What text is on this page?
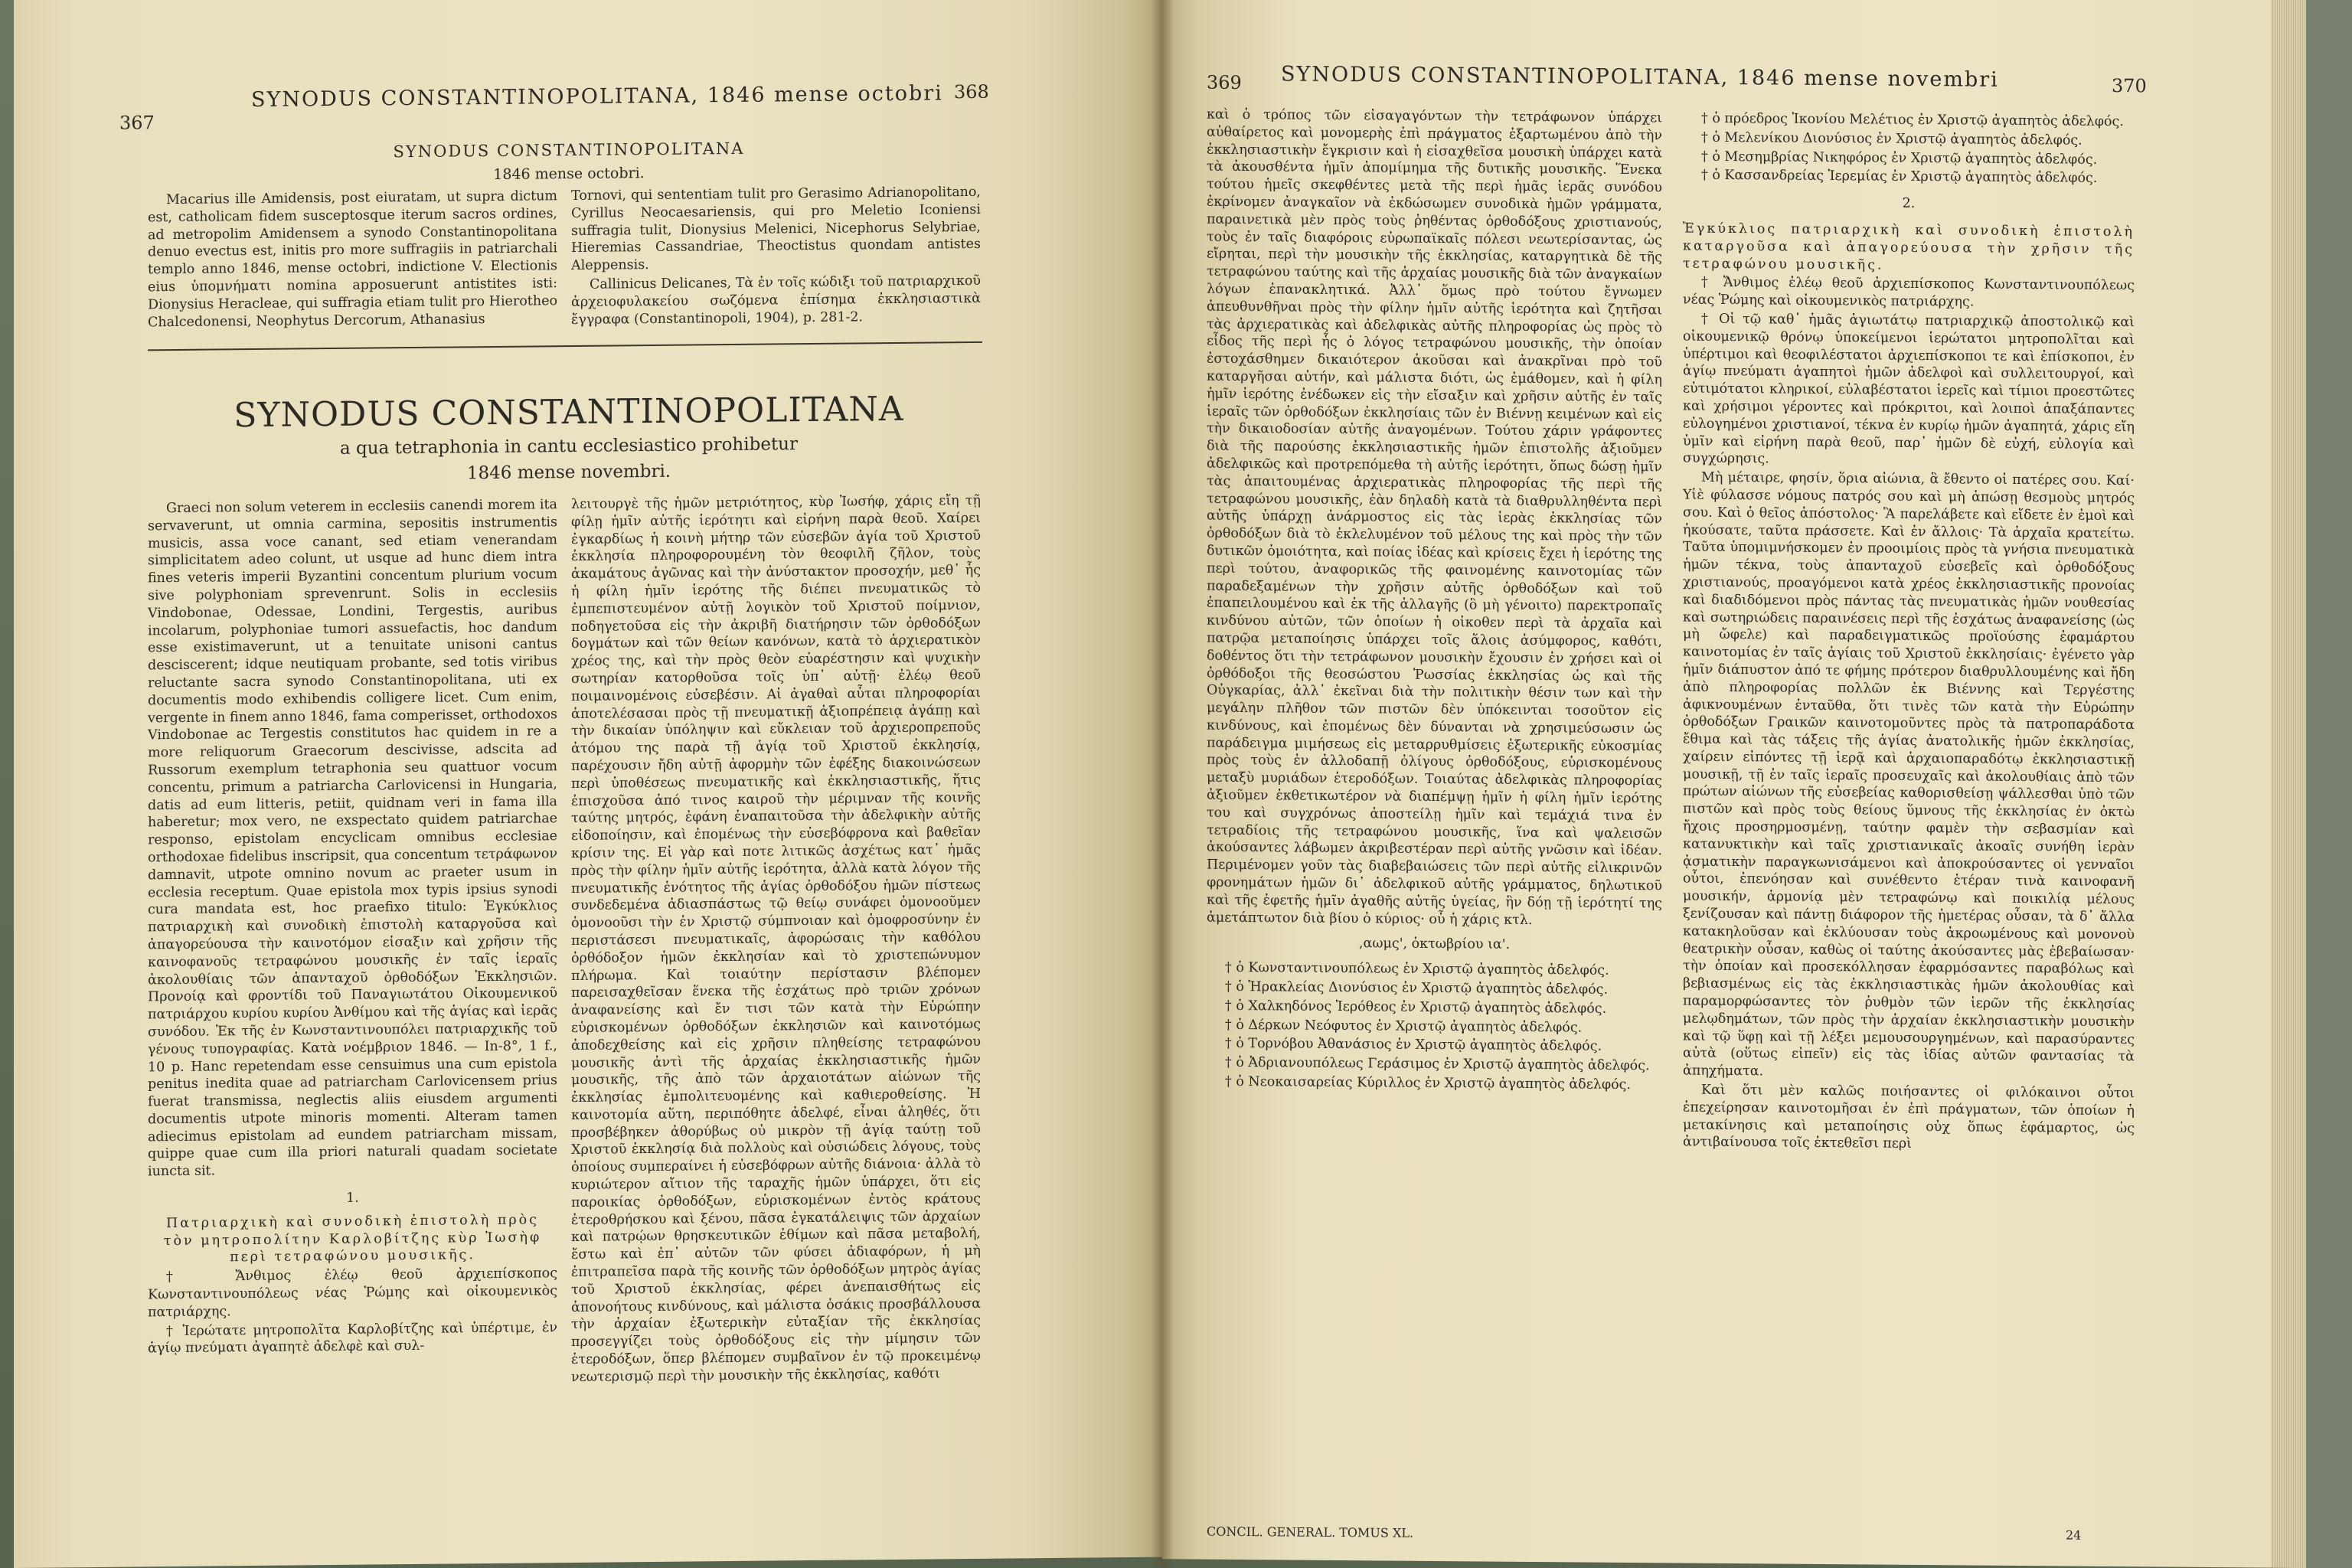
367
SYNODUS CONSTANTINOPOLITANA, 1846 mense octobri 368
SYNODUS CONSTANTINOPOLITANA
1846 mense octobri.

Macarius ille Amidensis, post eiuratam, ut supra dictum est, catholicam fidem susceptosque iterum sacros ordines, ad metropolim Amidensem a synodo Constantinopolitana denuo evectus est, initis pro more suffragiis in patriarchali templo anno 1846, mense octobri, indictione V. Electionis eius ὑπομνήματι nomina apposuerunt antistites isti: Dionysius Heracleae, qui suffragia etiam tulit pro Hierotheo Chalcedonensi, Neophytus Dercorum, Athanasius

Tornovi, qui sententiam tulit pro Gerasimo Adrianopolitano, Cyrillus Neocaesariensis, qui pro Meletio Iconiensi suffragia tulit, Dionysius Melenici, Nicephorus Selybriae, Hieremias Cassandriae, Theoctistus quondam antistes Aleppensis.

Callinicus Delicanes, Τὰ ἐν τοῖς κώδιξι τοῦ πατριαρχικοῦ ἀρχειοφυλακείου σωζόμενα ἐπίσημα ἐκκλησιαστικὰ ἔγγραφα (Constantinopoli, 1904), p. 281-2.

SYNODUS CONSTANTINOPOLITANA
a qua tetraphonia in cantu ecclesiastico prohibetur
1846 mense novembri.

Graeci non solum veterem in ecclesiis canendi morem ita servaverunt, ut omnia carmina, sepositis instrumentis musicis, assa voce canant, sed etiam venerandam simplicitatem adeo colunt, ut usque ad hunc diem intra fines veteris imperii Byzantini concentum plurium vocum sive polyphoniam sprevenrunt. Solis in ecclesiis Vindobonae, Odessae, Londini, Tergestis, auribus incolarum, polyphoniae tumori assuefactis, hoc dandum esse existimaverunt, ut a tenuitate unisoni cantus desciscerent; idque neutiquam probante, sed totis viribus reluctante sacra synodo Constantinopolitana, uti ex documentis modo exhibendis colligere licet. Cum enim, vergente in finem anno 1846, fama comperisset, orthodoxos Vindobonae ac Tergestis constitutos hac quidem in re a more reliquorum Graecorum descivisse, adscita ad Russorum exemplum tetraphonia seu quattuor vocum concentu, primum a patriarcha Carlovicensi in Hungaria, datis ad eum litteris, petiit, quidnam veri in fama illa haberetur; mox vero, ne exspectato quidem patriarchae responso, epistolam encyclicam omnibus ecclesiae orthodoxae fidelibus inscripsit, qua concentum τετράφωνον damnavit, utpote omnino novum ac praeter usum in ecclesia receptum. Quae epistola mox typis ipsius synodi cura mandata est, hoc praefixo titulo: Ἐγκύκλιος πατριαρχικὴ καὶ συνοδικὴ ἐπιστολὴ καταργοῦσα καὶ ἀπαγορεύουσα τὴν καινοτόμον εἰσαξιν καὶ χρῆσιν τῆς καινοφανοῦς τετραφώνου μουσικῆς ἐν ταῖς ἱεραῖς ἀκολουθίαις τῶν ἁπανταχοῦ ὀρθοδόξων Ἐκκλησιῶν. Προνοίᾳ καὶ φροντίδι τοῦ Παναγιωτάτου Οἰκουμενικοῦ πατριάρχου κυρίου κυρίου Ἀνθίμου καὶ τῆς ἁγίας καὶ ἱερᾶς συνόδου. Ἐκ τῆς ἐν Κωνσταντινουπόλει πατριαρχικῆς τοῦ γένους τυπογραφίας. Κατὰ νοέμβριον 1846. — In-8°, 1 f., 10 p. Hanc repetendam esse censuimus una cum epistola penitus inedita quae ad patriarcham Carlovicensem prius fuerat transmissa, neglectis aliis eiusdem argumenti documentis utpote minoris momenti. Alteram tamen adiecimus epistolam ad eundem patriarcham missam, quippe quae cum illa priori naturali quadam societate iuncta sit.

1.

Πατριαρχικὴ καὶ συνοδικὴ ἐπιστολὴ πρὸς τὸν μητροπολίτην Καρλοβίτζης κὺρ Ἰωσὴφ περὶ τετραφώνου μουσικῆς.

† Ἄνθιμος ἐλέῳ θεοῦ ἀρχιεπίσκοπος Κωνσταντινουπόλεως νέας Ῥώμης καὶ οἰκουμενικὸς πατριάρχης.

† Ἱερώτατε μητροπολῖτα Καρλοβίτζης καὶ ὑπέρτιμε, ἐν ἁγίῳ πνεύματι ἀγαπητὲ ἀδελφὲ καὶ συλ-

λειτουργὲ τῆς ἡμῶν μετριότητος, κὺρ Ἰωσήφ, χάρις εἴη τῇ φίλῃ ἡμῖν αὐτῆς ἱερότητι καὶ εἰρήνη παρὰ θεοῦ. Χαίρει ἐγκαρδίως ἡ κοινὴ μήτηρ τῶν εὐσεβῶν ἁγία τοῦ Χριστοῦ ἐκκλησία πληροφορουμένη τὸν θεοφιλῆ ζῆλον, τοὺς ἀκαμάτους ἀγῶνας καὶ τὴν ἀνύστακτον προσοχήν, μεθ᾽ ἧς ἡ φίλη ἡμῖν ἱερότης τῆς διέπει πνευματικῶς τὸ ἐμπεπιστευμένον αὐτῇ λογικὸν τοῦ Χριστοῦ ποίμνιον, ποδηγετοῦσα εἰς τὴν ἀκριβῆ διατήρησιν τῶν ὀρθοδόξων δογμάτων καὶ τῶν θείων κανόνων, κατὰ τὸ ἀρχιερατικὸν χρέος της, καὶ τὴν πρὸς θεὸν εὐαρέστησιν καὶ ψυχικὴν σωτηρίαν κατορθοῦσα τοῖς ὑπ᾽ αὐτῇ· ἐλέῳ θεοῦ ποιμαινομένοις εὐσεβέσιν. Αἱ ἀγαθαὶ αὗται πληροφορίαι ἀποτελέσασαι πρὸς τῇ πνευματικῇ ἀξιοπρέπειᾳ ἀγάπῃ καὶ τὴν δικαίαν ὑπόληψιν καὶ εὔκλειαν τοῦ ἀρχιεροπρεποῦς ἀτόμου της παρὰ τῇ ἁγίᾳ τοῦ Χριστοῦ ἐκκλησίᾳ, παρέχουσιν ἤδη αὐτῇ ἀφορμὴν τῶν ἐφέξης διακοινώσεων περὶ ὑποθέσεως πνευματικῆς καὶ ἐκκλησιαστικῆς, ἥτις ἐπισχοῦσα ἀπό τινος καιροῦ τὴν μέριμναν τῆς κοινῆς ταύτης μητρός, ἐφάνη ἐναπαιτοῦσα τὴν ἀδελφικὴν αὐτῆς εἰδοποίησιν, καὶ ἐπομένως τὴν εὐσεβόφρονα καὶ βαθεῖαν κρίσιν της. Εἰ γὰρ καὶ ποτε λιτικῶς ἀσχέτως κατ᾽ ἡμᾶς πρὸς τὴν φίλην ἡμῖν αὐτῆς ἱερότητα, ἀλλὰ κατὰ λόγον τῆς πνευματικῆς ἑνότητος τῆς ἁγίας ὀρθοδόξου ἡμῶν πίστεως συνδεδεμένα ἀδιασπάστως τῷ θείῳ συνάφει ὁμονοοῦμεν ὁμονοοῦσι τὴν ἐν Χριστῷ σύμπνοιαν καὶ ὁμοφροσύνην ἐν περιστάσεσι πνευματικαῖς, ἀφορώσαις τὴν καθόλου ὀρθόδοξον ἡμῶν ἐκκλησίαν καὶ τὸ χριστεπώνυμον πλήρωμα. Καὶ τοιαύτην περίστασιν βλέπομεν παρεισαχθεῖσαν ἕνεκα τῆς ἐσχάτως πρὸ τριῶν χρόνων ἀναφανείσης καὶ ἔν τισι τῶν κατὰ τὴν Εὐρώπην εὑρισκομένων ὀρθοδόξων ἐκκλησιῶν καὶ καινοτόμως ἀποδεχθείσης καὶ εἰς χρῆσιν πληθείσης τετραφώνου μουσικῆς ἀντὶ τῆς ἀρχαίας ἐκκλησιαστικῆς ἡμῶν μουσικῆς, τῆς ἀπὸ τῶν ἀρχαιοτάτων αἰώνων τῆς ἐκκλησίας ἐμπολιτευομένης καὶ καθιεροθείσης. Ἡ καινοτομία αὕτη, περιπόθητε ἀδελφέ, εἶναι ἀληθές, ὅτι προσβέβηκεν ἀθορύβως οὐ μικρὸν τῇ ἁγίᾳ ταύτῃ τοῦ Χριστοῦ ἐκκλησίᾳ διὰ πολλοὺς καὶ οὐσιώδεις λόγους, τοὺς ὁποίους συμπεραίνει ἡ εὐσεβόφρων αὐτῆς διάνοια· ἀλλὰ τὸ κυριώτερον αἴτιον τῆς ταραχῆς ἡμῶν ὑπάρχει, ὅτι εἰς παροικίας ὀρθοδόξων, εὑρισκομένων ἐντὸς κράτους ἑτεροθρήσκου καὶ ξένου, πᾶσα ἐγκατάλειψις τῶν ἀρχαίων καὶ πατρῴων θρησκευτικῶν ἐθίμων καὶ πᾶσα μεταβολή, ἔστω καὶ ἐπ᾽ αὐτῶν τῶν φύσει ἀδιαφόρων, ἡ μὴ ἐπιτραπεῖσα παρὰ τῆς κοινῆς τῶν ὀρθοδόξων μητρὸς ἁγίας τοῦ Χριστοῦ ἐκκλησίας, φέρει ἀνεπαισθήτως εἰς ἀπονοήτους κινδύνους, καὶ μάλιστα ὁσάκις προσβάλλουσα τὴν ἀρχαίαν ἐξωτερικὴν εὐταξίαν τῆς ἐκκλησίας προσεγγίζει τοὺς ὀρθοδόξους εἰς τὴν μίμησιν τῶν ἑτεροδόξων, ὅπερ βλέπομεν συμβαῖνον ἐν τῷ προκειμένῳ νεωτερισμῷ περὶ τὴν μουσικὴν τῆς ἐκκλησίας, καθότι

369 SYNODUS CONSTANTINOPOLITANA, 1846 mense novembri	370

καὶ ὁ τρόπος τῶν εἰσαγαγόντων τὴν τετράφωνον ὑπάρχει αὐθαίρετος καὶ μονομερὴς ἐπὶ πράγματος ἐξαρτωμένου ἀπὸ τὴν ἐκκλησιαστικὴν ἔγκρισιν καὶ ἡ εἰσαχθεῖσα μουσικὴ ὑπάρχει κατὰ τὰ ἀκουσθέντα ἡμῖν ἀπομίμημα τῆς δυτικῆς μουσικῆς. Ἕνεκα τούτου ἡμεῖς σκεφθέντες μετὰ τῆς περὶ ἡμᾶς ἱερᾶς συνόδου ἐκρίνομεν ἀναγκαῖον νὰ ἐκδώσωμεν συνοδικὰ ἡμῶν γράμματα, παραινετικὰ μὲν πρὸς τοὺς ῥηθέντας ὀρθοδόξους χριστιανούς, τοὺς ἐν ταῖς διαφόροις εὐρωπαϊκαῖς πόλεσι νεωτερίσαντας, ὡς εἴρηται, περὶ τὴν μουσικὴν τῆς ἐκκλησίας, καταργητικὰ δὲ τῆς τετραφώνου ταύτης καὶ τῆς ἀρχαίας μουσικῆς διὰ τῶν ἀναγκαίων λόγων ἐπανακλητικά. Ἀλλ᾽ ὅμως πρὸ τούτου ἔγνωμεν ἀπευθυνθῆναι πρὸς τὴν φίλην ἡμῖν αὐτῆς ἱερότητα καὶ ζητῆσαι τὰς ἀρχιερατικὰς καὶ ἀδελφικὰς αὐτῆς πληροφορίας ὡς πρὸς τὸ εἶδος τῆς περὶ ἧς ὁ λόγος τετραφώνου μουσικῆς, τὴν ὁποίαν ἐστοχάσθημεν δικαιότερον ἀκοῦσαι καὶ ἀνακρῖναι πρὸ τοῦ καταργῆσαι αὐτήν, καὶ μάλιστα διότι, ὡς ἐμάθομεν, καὶ ἡ φίλη ἡμῖν ἱερότης ἐνέδωκεν εἰς τὴν εἴσαξιν καὶ χρῆσιν αὐτῆς ἐν ταῖς ἱεραῖς τῶν ὀρθοδόξων ἐκκλησίαις τῶν ἐν Βιέννῃ κειμένων καὶ εἰς τὴν δικαιοδοσίαν αὐτῆς ἀναγομένων. Τούτου χάριν γράφοντες διὰ τῆς παρούσης ἐκκλησιαστικῆς ἡμῶν ἐπιστολῆς ἀξιοῦμεν ἀδελφικῶς καὶ προτρεπόμεθα τὴ αὐτῆς ἱερότητι, ὅπως δώσῃ ἡμῖν τὰς ἀπαιτουμένας ἀρχιερατικὰς πληροφορίας τῆς περὶ τῆς τετραφώνου μουσικῆς, ἐὰν δηλαδὴ κατὰ τὰ διαθρυλληθέντα περὶ αὐτῆς ὑπάρχῃ ἀνάρμοστος εἰς τὰς ἱερὰς ἐκκλησίας τῶν ὀρθοδόξων διὰ τὸ ἐκλελυμένον τοῦ μέλους της καὶ πρὸς τὴν τῶν δυτικῶν ὁμοιότητα, καὶ ποίας ἰδέας καὶ κρίσεις ἔχει ἡ ἱερότης της περὶ τούτου, ἀναφορικῶς τῆς φαινομένης καινοτομίας τῶν παραδεξαμένων τὴν χρῆσιν αὐτῆς ὀρθοδόξων καὶ τοῦ ἐπαπειλουμένου καὶ ἐκ τῆς ἀλλαγῆς (ὃ μὴ γένοιτο) παρεκτροπαῖς κινδύνου αὐτῶν, τῶν ὁποίων ἡ οἰκοθεν περὶ τὰ ἀρχαῖα καὶ πατρῷα μεταποίησις ὑπάρχει τοῖς ἅλοις ἀσύμφορος, καθότι, δοθέντος ὅτι τὴν τετράφωνον μουσικὴν ἔχουσιν ἐν χρήσει καὶ οἱ ὀρθόδοξοι τῆς θεοσώστου Ῥωσσίας ἐκκλησίας ὡς καὶ τῆς Οὐγκαρίας, ἀλλ᾽ ἐκεῖναι διὰ τὴν πολιτικὴν θέσιν των καὶ τὴν μεγάλην πλῆθον τῶν πιστῶν δὲν ὑπόκεινται τοσοῦτον εἰς κινδύνους, καὶ ἐπομένως δὲν δύνανται νὰ χρησιμεύσωσιν ὡς παράδειγμα μιμήσεως εἰς μεταρρυθμίσεις ἐξωτερικῆς εὐκοσμίας πρὸς τοὺς ἐν ἀλλοδαπῇ ὀλίγους ὀρθοδόξους, εὑρισκομένους μεταξὺ μυριάδων ἑτεροδόξων. Τοιαύτας ἀδελφικὰς πληροφορίας ἀξιοῦμεν ἐκθετικωτέρον νὰ διαπέμψῃ ἡμῖν ἡ φίλη ἡμῖν ἱερότης του καὶ συγχρόνως ἀποστείλῃ ἡμῖν καὶ τεμάχιά τινα ἐν τετραδίοις τῆς τετραφώνου μουσικῆς, ἵνα καὶ ψαλεισῶν ἀκούσαντες λάβωμεν ἀκριβεστέραν περὶ αὐτῆς γνῶσιν καὶ ἰδέαν. Περιμένομεν γοῦν τὰς διαβεβαιώσεις τῶν περὶ αὐτῆς εἰλικρινῶν φρονημάτων ἡμῶν δι᾽ ἀδελφικοῦ αὐτῆς γράμματος, δηλωτικοῦ καὶ τῆς ἐφετῆς ἡμῖν ἀγαθῆς αὐτῆς ὑγείας, ἣν δόῃ τῇ ἱερότητί της ἀμετάπτωτον διὰ βίου ὁ κύριος· οὗ ἡ χάρις κτλ.

,αωμς', ὀκτωβρίου ια'.

† ὁ Κωνσταντινουπόλεως ἐν Χριστῷ ἀγαπητὸς ἀδελφός.

† ὁ Ἡρακλείας Διονύσιος ἐν Χριστῷ ἀγαπητὸς ἀδελφός.

† ὁ Χαλκηδόνος Ἱερόθεος ἐν Χριστῷ ἀγαπητὸς ἀδελφός.

† ὁ Δέρκων Νεόφυτος ἐν Χριστῷ ἀγαπητὸς ἀδελφός.

† ὁ Τορνόβου Ἀθανάσιος ἐν Χριστῷ ἀγαπητὸς ἀδελφός.

† ὁ Ἀδριανουπόλεως Γεράσιμος ἐν Χριστῷ ἀγαπητὸς ἀδελφός.

† ὁ Νεοκαισαρείας Κύριλλος ἐν Χριστῷ ἀγαπητὸς ἀδελφός.

CONCIL. GENERAL. TOMUS XL.	24

† ὁ πρόεδρος Ἰκονίου Μελέτιος ἐν Χριστῷ ἀγαπητὸς ἀδελφός.

† ὁ Μελενίκου Διονύσιος ἐν Χριστῷ ἀγαπητὸς ἀδελφός.

† ὁ Μεσημβρίας Νικηφόρος ἐν Χριστῷ ἀγαπητὸς ἀδελφός.

† ὁ Κασσανδρείας Ἱερεμίας ἐν Χριστῷ ἀγαπητὸς ἀδελφός.

2.

Ἐγκύκλιος πατριαρχικὴ καὶ συνοδικὴ ἐπιστολὴ καταργοῦσα καὶ ἀπαγορεύουσα τὴν χρῆσιν τῆς τετραφώνου μουσικῆς.

† Ἄνθιμος ἐλέῳ θεοῦ ἀρχιεπίσκοπος Κωνσταντινουπόλεως νέας Ῥώμης καὶ οἰκουμενικὸς πατριάρχης.

† Οἱ τῷ καθ᾽ ἡμᾶς ἁγιωτάτῳ πατριαρχικῷ ἀποστολικῷ καὶ οἰκουμενικῷ θρόνῳ ὑποκείμενοι ἱερώτατοι μητροπολῖται καὶ ὑπέρτιμοι καὶ θεοφιλέστατοι ἀρχιεπίσκοποι τε καὶ ἐπίσκοποι, ἐν ἁγίῳ πνεύματι ἀγαπητοὶ ἡμῶν ἀδελφοὶ καὶ συλλειτουργοί, καὶ εὐτιμότατοι κληρικοί, εὐλαβέστατοι ἱερεῖς καὶ τίμιοι προεστῶτες καὶ χρήσιμοι γέροντες καὶ πρόκριτοι, καὶ λοιποὶ ἁπαξάπαντες εὐλογημένοι χριστιανοί, τέκνα ἐν κυρίῳ ἡμῶν ἀγαπητά, χάρις εἴη ὑμῖν καὶ εἰρήνη παρὰ θεοῦ, παρ᾽ ἡμῶν δὲ εὐχή, εὐλογία καὶ συγχώρησις.

Μὴ μέταιρε, φησίν, ὅρια αἰώνια, ἃ ἔθεντο οἱ πατέρες σου. Καί· Υἱὲ φύλασσε νόμους πατρός σου καὶ μὴ ἀπώσῃ θεσμοὺς μητρός σου. Καὶ ὁ θεῖος ἀπόστολος· Ἃ παρελάβετε καὶ εἴδετε ἐν ἐμοὶ καὶ ἠκούσατε, ταῦτα πράσσετε. Καὶ ἐν ἄλλοις· Τὰ ἀρχαῖα κρατείτω. Ταῦτα ὑπομιμνήσκομεν ἐν προοιμίοις πρὸς τὰ γνήσια πνευματικὰ ἡμῶν τέκνα, τοὺς ἁπανταχοῦ εὐσεβεῖς καὶ ὀρθοδόξους χριστιανούς, προαγόμενοι κατὰ χρέος ἐκκλησιαστικῆς προνοίας καὶ διαδιδόμενοι πρὸς πάντας τὰς πνευματικὰς ἡμῶν νουθεσίας καὶ σωτηριώδεις παραινέσεις περὶ τῆς ἐσχάτως ἀναφανείσης (ὡς μὴ ὤφελε) καὶ παραδειγματικῶς προϊούσης ἐφαμάρτου καινοτομίας ἐν ταῖς ἁγίαις τοῦ Χριστοῦ ἐκκλησίαις· ἐγένετο γὰρ ἡμῖν διάπυστον ἀπό τε φήμης πρότερον διαθρυλλουμένης καὶ ἤδη ἀπὸ πληροφορίας πολλῶν ἐκ Βιέννης καὶ Τεργέστης ἀφικνουμένων ἐνταῦθα, ὅτι τινὲς τῶν κατὰ τὴν Εὐρώπην ὀρθοδόξων Γραικῶν καινοτομοῦντες πρὸς τὰ πατροπαράδοτα ἔθιμα καὶ τὰς τάξεις τῆς ἁγίας ἀνατολικῆς ἡμῶν ἐκκλησίας, χαίρειν εἰπόντες τῇ ἱερᾷ καὶ ἀρχαιοπαραδότῳ ἐκκλησιαστικῇ μουσικῇ, τῇ ἐν ταῖς ἱεραῖς προσευχαῖς καὶ ἀκολουθίαις ἀπὸ τῶν πρώτων αἰώνων τῆς εὐσεβείας καθορισθείσῃ ψάλλεσθαι ὑπὸ τῶν πιστῶν καὶ πρὸς τοὺς θείους ὕμνους τῆς ἐκκλησίας ἐν ὀκτὼ ἤχοις προσηρμοσμένῃ, ταύτην φαμὲν τὴν σεβασμίαν καὶ κατανυκτικὴν καὶ ταῖς χριστιανικαῖς ἀκοαῖς συνήθη ἱερὰν ᾀσματικὴν παραγκωνισάμενοι καὶ ἀποκρούσαντες οἱ γενναῖοι οὗτοι, ἐπενόησαν καὶ συνέθεντο ἑτέραν τινὰ καινοφανῆ μουσικήν, ἁρμονίᾳ μὲν τετραφώνῳ καὶ ποικιλίᾳ μέλους ξενίζουσαν καὶ πάντῃ διάφορον τῆς ἡμετέρας οὖσαν, τὰ δ᾽ ἄλλα κατακηλοῦσαν καὶ ἐκλύουσαν τοὺς ἀκροωμένους καὶ μονονοὺ θεατρικὴν οὖσαν, καθὼς οἱ ταύτης ἀκούσαντες μὰς ἐβεβαίωσαν· τὴν ὁποίαν καὶ προσεκόλλησαν ἐφαρμόσαντες παραβόλως καὶ βεβιασμένως εἰς τὰς ἐκκλησιαστικὰς ἡμῶν ἀκολουθίας καὶ παραμορφώσαντες τὸν ῥυθμὸν τῶν ἱερῶν τῆς ἐκκλησίας μελῳδημάτων, τῶν πρὸς τὴν ἀρχαίαν ἐκκλησιαστικὴν μουσικὴν καὶ τῷ ὕφῃ καὶ τῇ λέξει μεμουσουργημένων, καὶ παρασύραντες αὐτὰ (οὕτως εἰπεῖν) εἰς τὰς ἰδίας αὐτῶν φαντασίας τὰ ἀπηχήματα.

Καὶ ὅτι μὲν καλῶς ποιήσαντες οἱ φιλόκαινοι οὗτοι ἐπεχείρησαν καινοτομῆσαι ἐν ἐπὶ πράγματων, τῶν ὁποίων ἡ μετακίνησις καὶ μεταποίησις οὐχ ὅπως ἐφάμαρτος, ὡς ἀντιβαίνουσα τοῖς ἐκτεθεῖσι περὶ
